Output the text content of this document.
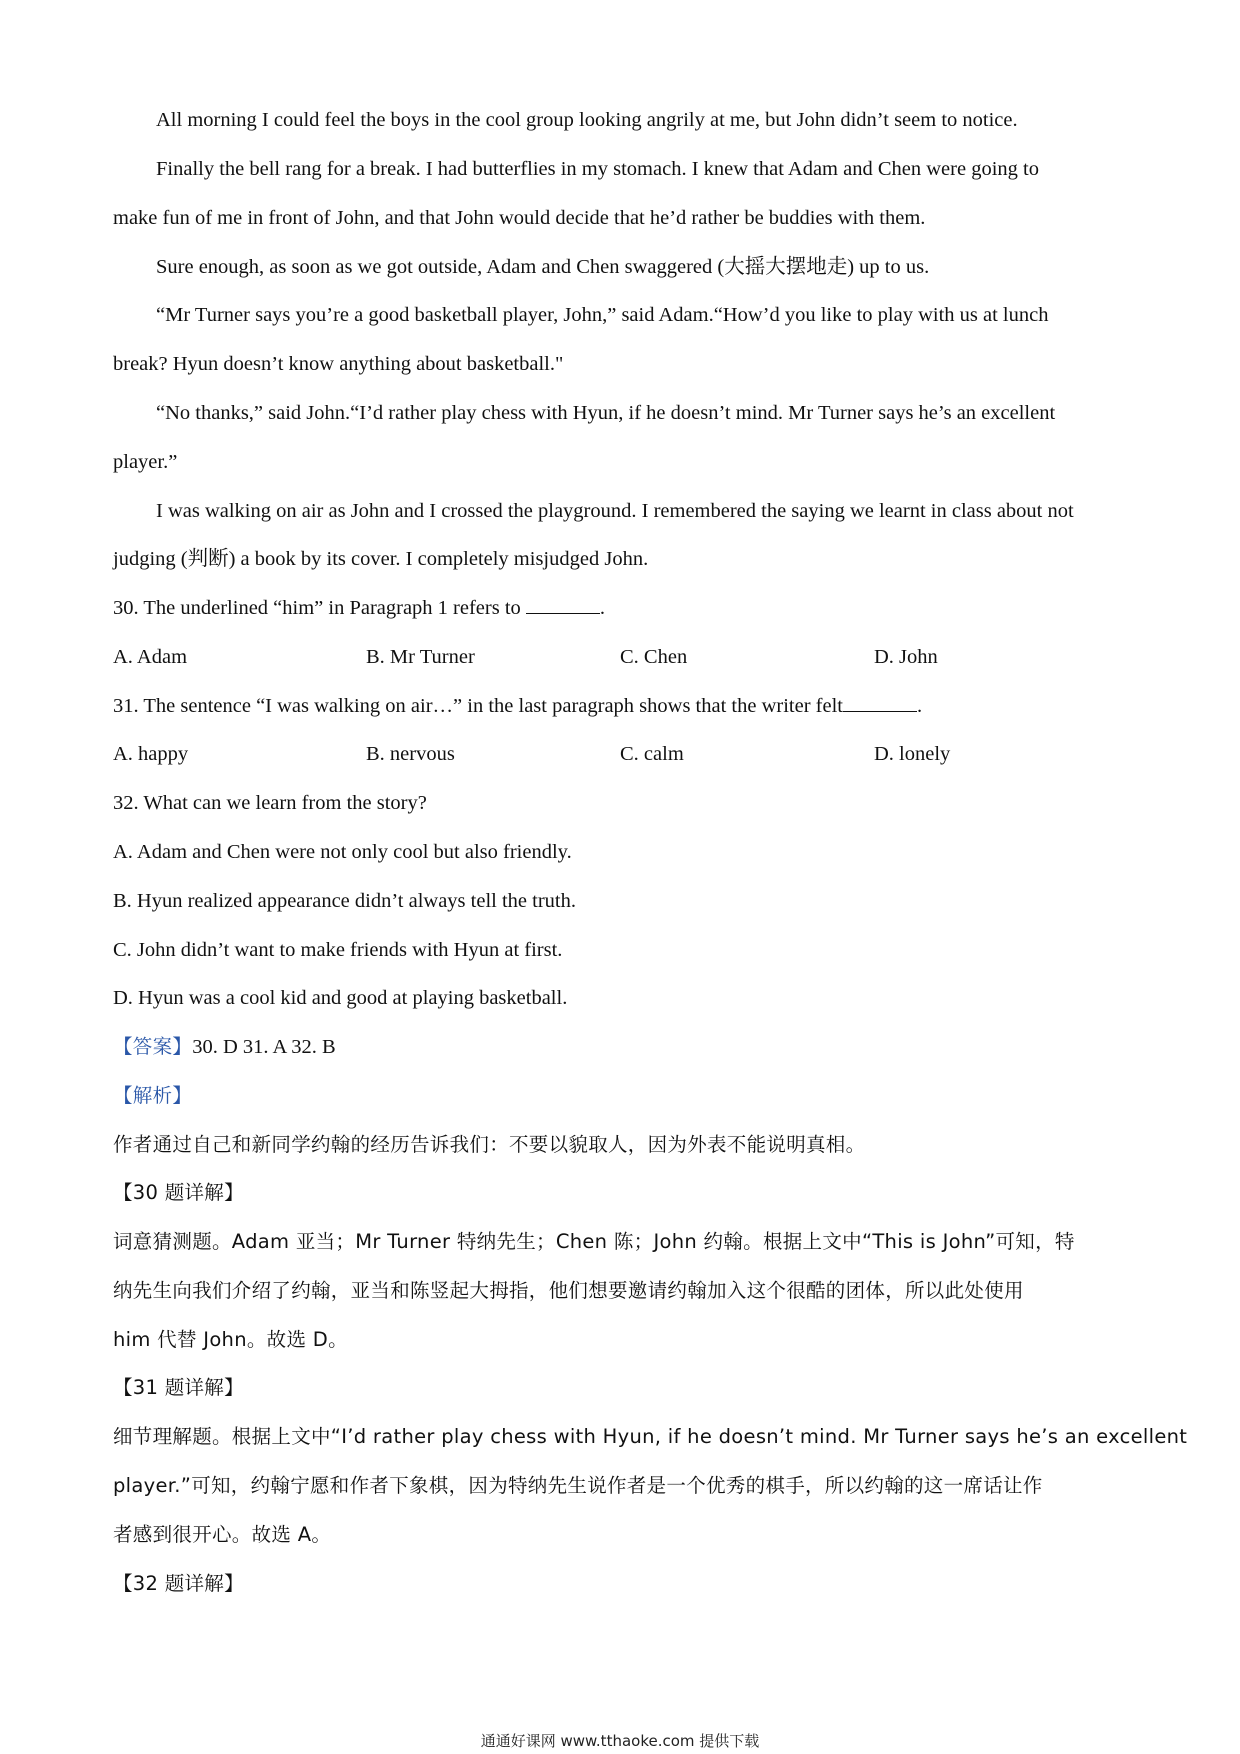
All morning I could feel the boys in the cool group looking angrily at me, but John didn’t seem to notice.
Finally the bell rang for a break. I had butterflies in my stomach. I knew that Adam and Chen were going to
make fun of me in front of John, and that John would decide that he’d rather be buddies with them.
Sure enough, as soon as we got outside, Adam and Chen swaggered (大摇大摆地走) up to us.
“Mr Turner says you’re a good basketball player, John,” said Adam.“How’d you like to play with us at lunch
break? Hyun doesn’t know anything about basketball."
“No thanks,” said John.“I’d rather play chess with Hyun, if he doesn’t mind. Mr Turner says he’s an excellent
player.”
I was walking on air as John and I crossed the playground. I remembered the saying we learnt in class about not
judging (判断) a book by its cover. I completely misjudged John.
30. The underlined “him” in Paragraph 1 refers to	.
A. Adam	B. Mr Turner	C. Chen	D. John
31. The sentence “I was walking on air…” in the last paragraph shows that the writer felt	.
A. happy	B. nervous	C. calm	D. lonely
32. What can we learn from the story?
A. Adam and Chen were not only cool but also friendly.
B. Hyun realized appearance didn’t always tell the truth.
C. John didn’t want to make friends with Hyun at first.
D. Hyun was a cool kid and good at playing basketball.
【答案】30. D 31. A 32. B
【解析】
作者通过自己和新同学约翰的经历告诉我们：不要以貌取人，因为外表不能说明真相。
【30 题详解】
词意猜测题。Adam 亚当；Mr Turner 特纳先生；Chen 陈；John 约翰。根据上文中“This is John”可知，特
纳先生向我们介绍了约翰，亚当和陈竖起大拇指，他们想要邀请约翰加入这个很酷的团体，所以此处使用
him 代替 John。故选 D。
【31 题详解】
细节理解题。根据上文中“I’d rather play chess with Hyun, if he doesn’t mind. Mr Turner says he’s an excellent
player.”可知，约翰宁愿和作者下象棋，因为特纳先生说作者是一个优秀的棋手，所以约翰的这一席话让作
者感到很开心。故选 A。
【32 题详解】
通通好课网 www.tthaoke.com 提供下载
